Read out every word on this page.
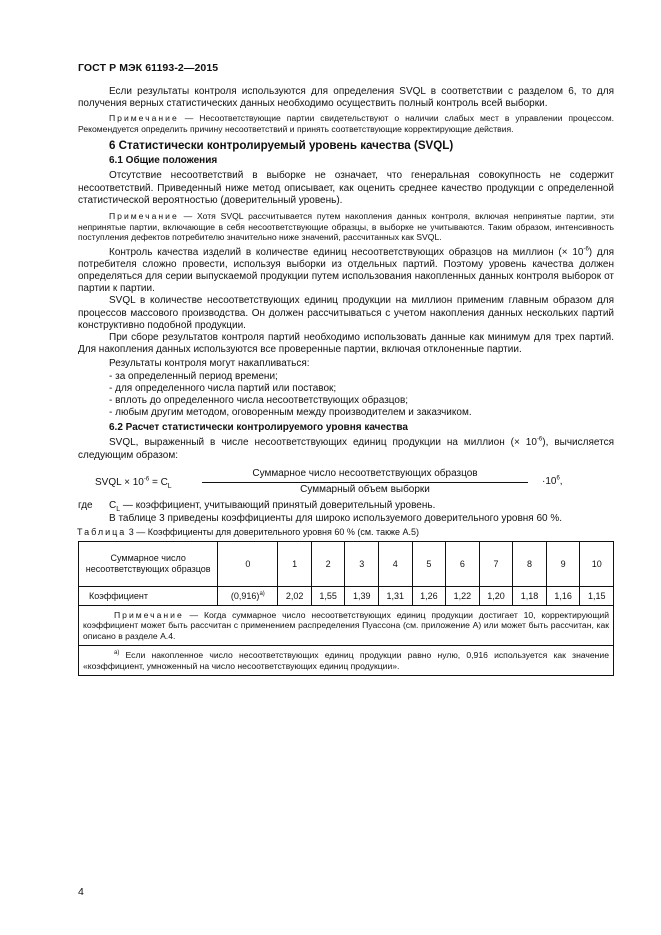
ГОСТ Р МЭК 61193-2—2015

Если результаты контроля используются для определения SVQL в соответствии с разделом 6, то для получения верных статистических данных необходимо осуществить полный контроль всей выборки.

Примечание — Несоответствующие партии свидетельствуют о наличии слабых мест в управлении процессом. Рекомендуется определить причину несоответствий и принять соответствующие корректирующие действия.

6 Статистически контролируемый уровень качества (SVQL)
6.1 Общие положения

Отсутствие несоответствий в выборке не означает, что генеральная совокупность не содержит несоответствий. Приведенный ниже метод описывает, как оценить среднее качество продукции с определенной статистической вероятностью (доверительный уровень).

Примечание — Хотя SVQL рассчитывается путем накопления данных контроля, включая непринятые партии, эти непринятые партии, включающие в себя несоответствующие образцы, в выборке не учитываются. Таким образом, интенсивность поступления дефектов потребителю значительно ниже значений, рассчитанных как SVQL.

Контроль качества изделий в количестве единиц несоответствующих образцов на миллион (× $10^{-6}$) для потребителя сложно провести, используя выборки из отдельных партий. Поэтому уровень качества должен определяться для серии выпускаемой продукции путем использования накопленных данных контроля выборок от партии к партии.

SVQL в количестве несоответствующих единиц продукции на миллион применим главным образом для процессов массового производства. Он должен рассчитываться с учетом накопления данных нескольких партий конструктивно подобной продукции.

При сборе результатов контроля партий необходимо использовать данные как минимум для трех партий. Для накопления данных используются все проверенные партии, включая отклоненные партии.

Результаты контроля могут накапливаться:

- за определенный период времени;
- для определенного числа партий или поставок;
- вплоть до определенного числа несоответствующих образцов;
- любым другим методом, оговоренным между производителем и заказчиком.
6.2 Расчет статистически контролируемого уровня качества

SVQL, выраженный в числе несоответствующих единиц продукции на миллион (× $10^{-6}$), вычисляется следующим образом:

SVQL × $10^{-6} = C_L$
Суммарное число несоответствующих образцов
Суммарный объем выборки
$\cdot 10^6$,
где $C_L$ — коэффициент, учитывающий принятый доверительный уровень.

В таблице 3 приведены коэффициенты для широко используемого доверительного уровня 60 %.

Таблица 3 — Коэффициенты для доверительного уровня 60 % (см. также А.5)
Суммарное число несоответствующих образцов	0	1	2	3	4	5	6	7	8	9	10
Коэффициент	$(0,916)^{а)}$	2,02	1,55	1,39	1,31	1,26	1,22	1,20	1,18	1,16	1,15
Примечание — Когда суммарное число несоответствующих единиц продукции достигает 10, корректирующий коэффициент может быть рассчитан с применением распределения Пуассона (см. приложение А) или может быть рассчитан, как описано в разделе А.4.											
$^{а)}$ Если накопленное число несоответствующих единиц продукции равно нулю, 0,916 используется как значение «коэффициент, умноженный на число несоответствующих единиц продукции».											
4
